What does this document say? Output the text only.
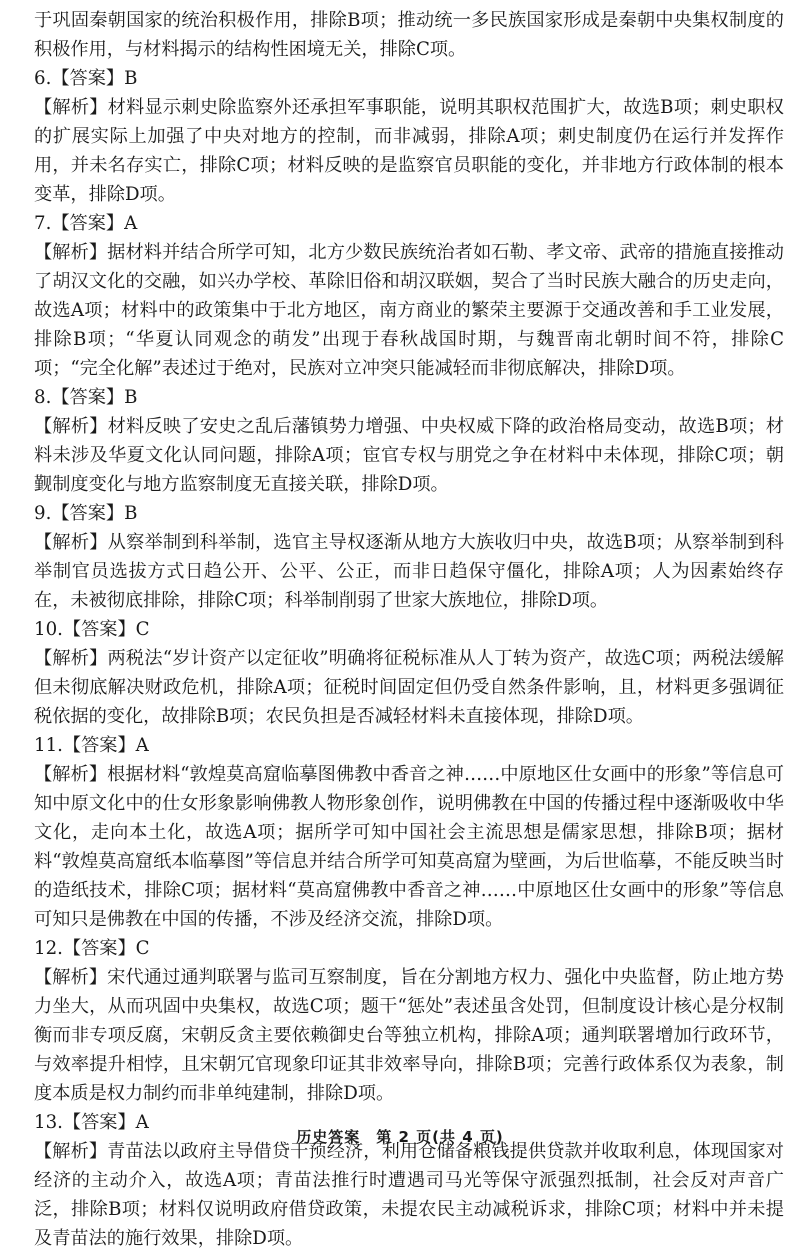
于巩固秦朝国家的统治积极作用，排除B项；推动统一多民族国家形成是秦朝中央集权制度的积极作用，与材料揭示的结构性困境无关，排除C项。

6.【答案】B

【解析】材料显示刺史除监察外还承担军事职能，说明其职权范围扩大，故选B项；刺史职权的扩展实际上加强了中央对地方的控制，而非减弱，排除A项；刺史制度仍在运行并发挥作用，并未名存实亡，排除C项；材料反映的是监察官员职能的变化，并非地方行政体制的根本变革，排除D项。

7.【答案】A

【解析】据材料并结合所学可知，北方少数民族统治者如石勒、孝文帝、武帝的措施直接推动了胡汉文化的交融，如兴办学校、革除旧俗和胡汉联姻，契合了当时民族大融合的历史走向，故选A项；材料中的政策集中于北方地区，南方商业的繁荣主要源于交通改善和手工业发展，排除B项；“华夏认同观念的萌发”出现于春秋战国时期，与魏晋南北朝时间不符，排除C项；“完全化解”表述过于绝对，民族对立冲突只能减轻而非彻底解决，排除D项。

8.【答案】B

【解析】材料反映了安史之乱后藩镇势力增强、中央权威下降的政治格局变动，故选B项；材料未涉及华夏文化认同问题，排除A项；宦官专权与朋党之争在材料中未体现，排除C项；朝觐制度变化与地方监察制度无直接关联，排除D项。

9.【答案】B

【解析】从察举制到科举制，选官主导权逐渐从地方大族收归中央，故选B项；从察举制到科举制官员选拔方式日趋公开、公平、公正，而非日趋保守僵化，排除A项；人为因素始终存在，未被彻底排除，排除C项；科举制削弱了世家大族地位，排除D项。

10.【答案】C

【解析】两税法“岁计资产以定征收”明确将征税标准从人丁转为资产，故选C项；两税法缓解但未彻底解决财政危机，排除A项；征税时间固定但仍受自然条件影响，且，材料更多强调征税依据的变化，故排除B项；农民负担是否减轻材料未直接体现，排除D项。

11.【答案】A

【解析】根据材料“敦煌莫高窟临摹图佛教中香音之神……中原地区仕女画中的形象”等信息可知中原文化中的仕女形象影响佛教人物形象创作，说明佛教在中国的传播过程中逐渐吸收中华文化，走向本土化，故选A项；据所学可知中国社会主流思想是儒家思想，排除B项；据材料“敦煌莫高窟纸本临摹图”等信息并结合所学可知莫高窟为壁画，为后世临摹，不能反映当时的造纸技术，排除C项；据材料“莫高窟佛教中香音之神……中原地区仕女画中的形象”等信息可知只是佛教在中国的传播，不涉及经济交流，排除D项。

12.【答案】C

【解析】宋代通过通判联署与监司互察制度，旨在分割地方权力、强化中央监督，防止地方势力坐大，从而巩固中央集权，故选C项；题干“惩处”表述虽含处罚，但制度设计核心是分权制衡而非专项反腐，宋朝反贪主要依赖御史台等独立机构，排除A项；通判联署增加行政环节，与效率提升相悖，且宋朝冗官现象印证其非效率导向，排除B项；完善行政体系仅为表象，制度本质是权力制约而非单纯建制，排除D项。

13.【答案】A

【解析】青苗法以政府主导借贷干预经济，利用仓储备粮钱提供贷款并收取利息，体现国家对经济的主动介入，故选A项；青苗法推行时遭遇司马光等保守派强烈抵制，社会反对声音广泛，排除B项；材料仅说明政府借贷政策，未提农民主动减税诉求，排除C项；材料中并未提及青苗法的施行效果，排除D项。

历史答案　第 2 页(共 4 页)
